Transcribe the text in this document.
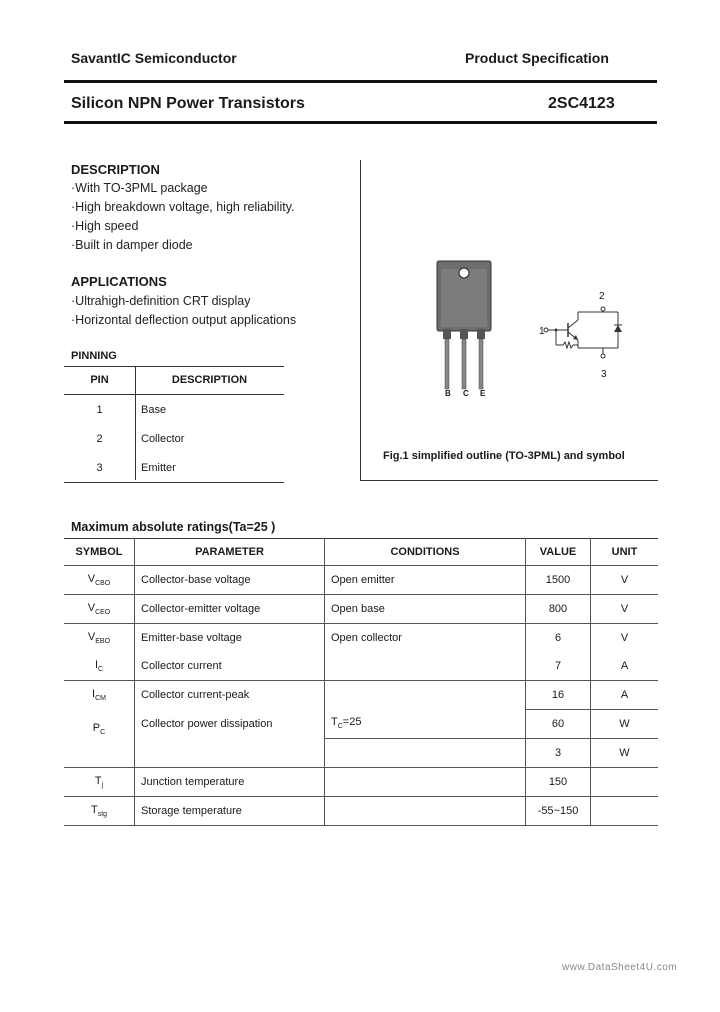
SavantIC Semiconductor	Product Specification
Silicon NPN Power Transistors	2SC4123
DESCRIPTION
·With TO-3PML package
·High breakdown voltage, high reliability.
·High speed
·Built in damper diode
APPLICATIONS
·Ultrahigh-definition CRT display
·Horizontal deflection output applications
PINNING
PIN	DESCRIPTION
1	Base
2	Collector
3	Emitter
B C E
2
1
3
Fig.1 simplified outline (TO-3PML) and symbol
Maximum absolute ratings(Ta=25 )
SYMBOL	PARAMETER	CONDITIONS	VALUE	UNIT
$V_{CBO}$	Collector-base voltage	Open emitter	1500	V
$V_{CEO}$	Collector-emitter voltage	Open base	800	V
$V_{EBO}$	Emitter-base voltage	Open collector	6	V
$I_C$	Collector current		7	A
$I_{CM}$	Collector current-peak	$T_C=25$	16	A
$P_C$	Collector power dissipation		60	W
			3	W
$T_j$	Junction temperature		150	
$T_{stg}$	Storage temperature		-55~150	
www.DataSheet4U.com
